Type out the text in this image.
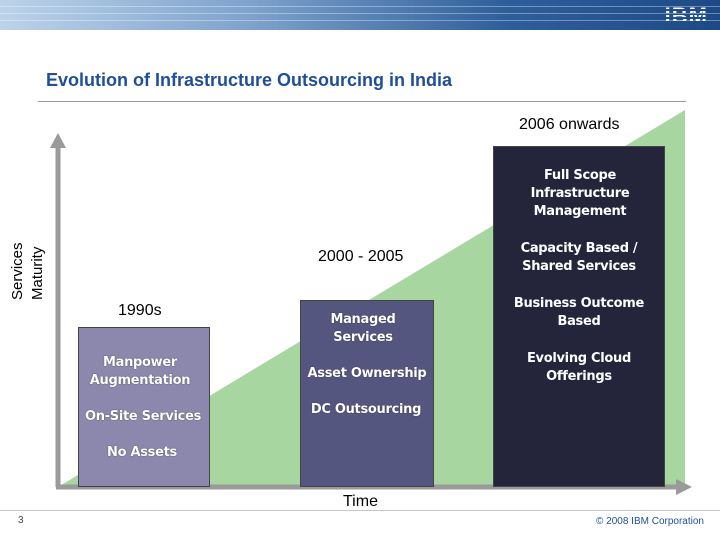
IBM
Evolution of Infrastructure Outsourcing in India
1990s
2000 - 2005
2006 onwards
Manpower Augmentation
On-Site Services
No Assets
Managed Services
Asset Ownership
DC Outsourcing
Full Scope Infrastructure Management
Capacity Based / Shared Services
Business Outcome Based
Evolving Cloud Offerings
Services Maturity
Time
3	© 2008 IBM Corporation
